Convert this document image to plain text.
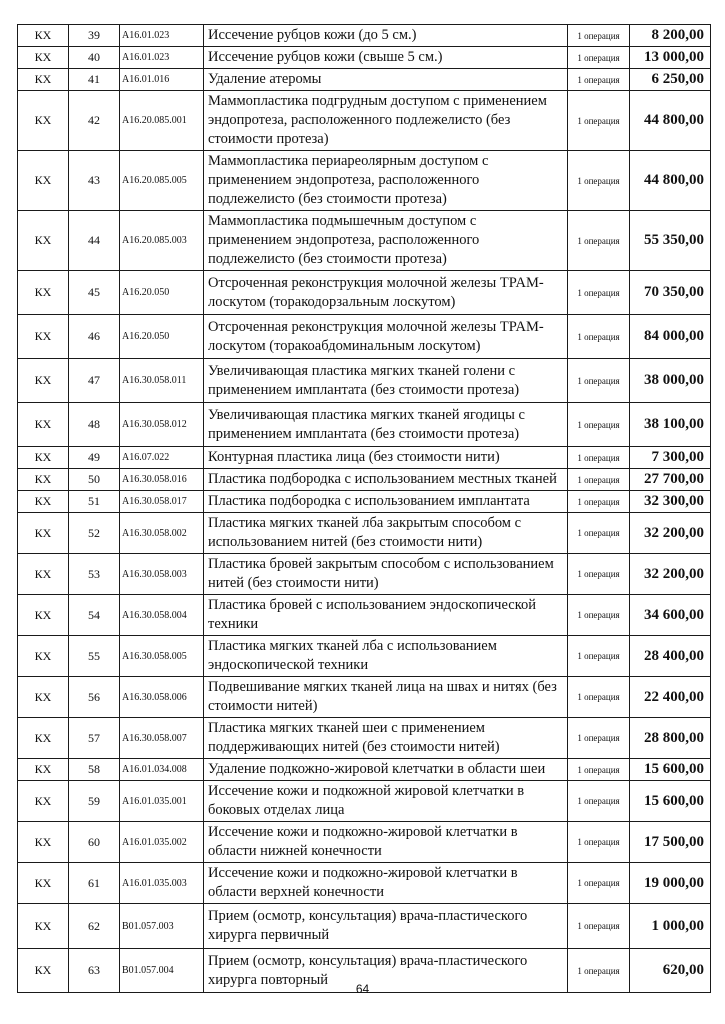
КХ	39	A16.01.023	Иссечение рубцов кожи (до 5 см.)	1 операция	8 200,00
КХ	40	A16.01.023	Иссечение рубцов кожи (свыше 5 см.)	1 операция	13 000,00
КХ	41	A16.01.016	Удаление атеромы	1 операция	6 250,00
КХ	42	A16.20.085.001	Маммопластика подгрудным доступом с применением эндопротеза, расположенного подлежелисто (без стоимости протеза)	1 операция	44 800,00
КХ	43	A16.20.085.005	Маммопластика периареолярным доступом с применением эндопротеза, расположенного подлежелисто (без стоимости протеза)	1 операция	44 800,00
КХ	44	A16.20.085.003	Маммопластика подмышечным доступом с применением эндопротеза, расположенного подлежелисто (без стоимости протеза)	1 операция	55 350,00
КХ	45	A16.20.050	Отсроченная реконструкция молочной железы TPAM-лоскутом (торакодорзальным лоскутом)	1 операция	70 350,00
КХ	46	A16.20.050	Отсроченная реконструкция молочной железы TPAM-лоскутом (торакоабдоминальным лоскутом)	1 операция	84 000,00
КХ	47	A16.30.058.011	Увеличивающая пластика мягких тканей голени с применением имплантата (без стоимости протеза)	1 операция	38 000,00
КХ	48	A16.30.058.012	Увеличивающая пластика мягких тканей ягодицы с применением имплантата (без стоимости протеза)	1 операция	38 100,00
КХ	49	A16.07.022	Контурная пластика лица (без стоимости нити)	1 операция	7 300,00
КХ	50	A16.30.058.016	Пластика подбородка с использованием местных тканей	1 операция	27 700,00
КХ	51	A16.30.058.017	Пластика подбородка с использованием имплантата	1 операция	32 300,00
КХ	52	A16.30.058.002	Пластика мягких тканей лба закрытым способом с использованием нитей (без стоимости нити)	1 операция	32 200,00
КХ	53	A16.30.058.003	Пластика бровей закрытым способом с использованием нитей (без стоимости нити)	1 операция	32 200,00
КХ	54	A16.30.058.004	Пластика бровей с использованием эндоскопической техники	1 операция	34 600,00
КХ	55	A16.30.058.005	Пластика мягких тканей лба с использованием эндоскопической техники	1 операция	28 400,00
КХ	56	A16.30.058.006	Подвешивание мягких тканей лица на швах и нитях (без стоимости нитей)	1 операция	22 400,00
КХ	57	A16.30.058.007	Пластика мягких тканей шеи с применением поддерживающих нитей (без стоимости нитей)	1 операция	28 800,00
КХ	58	A16.01.034.008	Удаление подкожно-жировой клетчатки в области шеи	1 операция	15 600,00
КХ	59	A16.01.035.001	Иссечение кожи и подкожной жировой клетчатки в боковых отделах лица	1 операция	15 600,00
КХ	60	A16.01.035.002	Иссечение кожи и подкожно-жировой клетчатки в области нижней конечности	1 операция	17 500,00
КХ	61	A16.01.035.003	Иссечение кожи и подкожно-жировой клетчатки в области верхней конечности	1 операция	19 000,00
КХ	62	B01.057.003	Прием (осмотр, консультация) врача-пластического хирурга первичный	1 операция	1 000,00
КХ	63	B01.057.004	Прием (осмотр, консультация) врача-пластического хирурга повторный	1 операция	620,00
64
